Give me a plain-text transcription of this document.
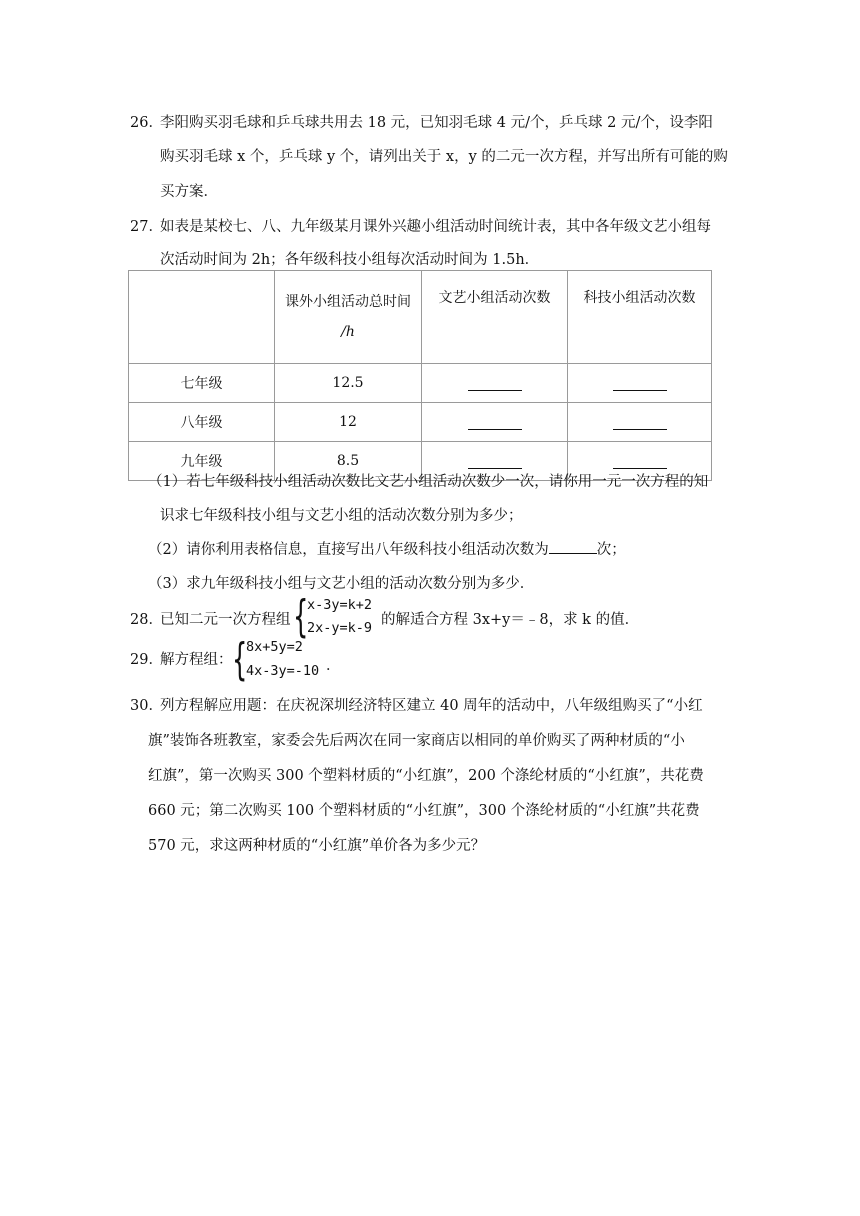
26．
李阳购买羽毛球和乒乓球共用去 18 元，已知羽毛球 4 元/个，乒乓球 2 元/个，设李阳
购买羽毛球 x 个，乒乓球 y 个，请列出关于 x，y 的二元一次方程，并写出所有可能的购
买方案．
27．
如表是某校七、八、九年级某月课外兴趣小组活动时间统计表，其中各年级文艺小组每
次活动时间为 2h；各年级科技小组每次活动时间为 1.5h．
	课外小组活动总时间
/h	文艺小组活动次数	科技小组活动次数
七年级	12.5		
八年级	12		
九年级	8.5		
（1）若七年级科技小组活动次数比文艺小组活动次数少一次，请你用一元一次方程的知
识求七年级科技小组与文艺小组的活动次数分别为多少；
（2）请你利用表格信息，直接写出八年级科技小组活动次数为	次；
（3）求九年级科技小组与文艺小组的活动次数分别为多少．
28．
已知二元一次方程组 {
x-3y=k+2
2x-y=k-9 的解适合方程 3x+y＝﹣8，求 k 的值．
29．
解方程组： {
8x+5y=2
4x-3y=-10 ．
30．
列方程解应用题：在庆祝深圳经济特区建立 40 周年的活动中，八年级组购买了“小红
旗”装饰各班教室，家委会先后两次在同一家商店以相同的单价购买了两种材质的“小
红旗”，第一次购买 300 个塑料材质的“小红旗”，200 个涤纶材质的“小红旗”，共花费
660 元；第二次购买 100 个塑料材质的“小红旗”，300 个涤纶材质的“小红旗”共花费
570 元，求这两种材质的“小红旗”单价各为多少元？
